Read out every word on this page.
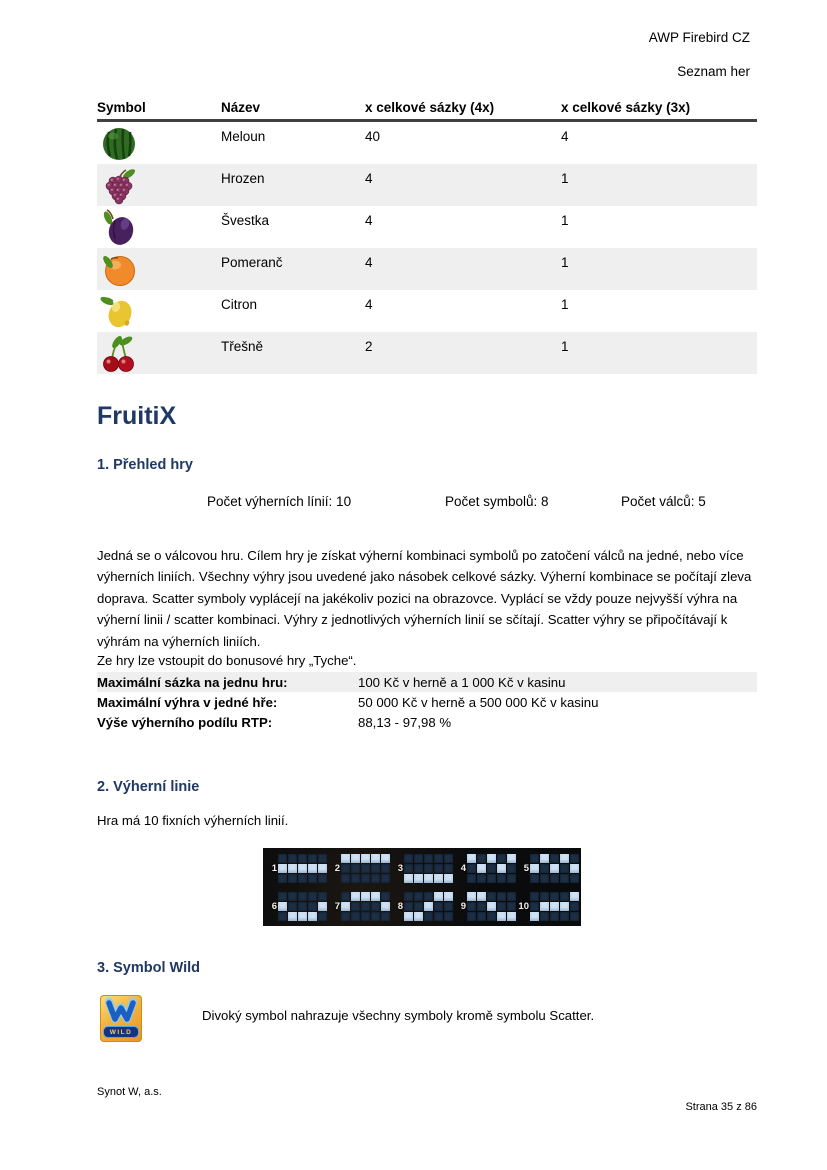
AWP Firebird CZ
Seznam her
Symbol	Název	x celkové sázky (4x)	x celkové sázky (3x)
Meloun	40	4
Hrozen	4	1
Švestka	4	1
Pomeranč	4	1
Citron	4	1
Třešně	2	1
FruitiX
1. Přehled hry
Počet výherních línií: 10	Počet symbolů: 8	Počet válců: 5
Jedná se o válcovou hru. Cílem hry je získat výherní kombinaci symbolů po zatočení válců na jedné, nebo více výherních liniích. Všechny výhry jsou uvedené jako násobek celkové sázky. Výherní kombinace se počítají zleva doprava. Scatter symboly vyplácejí na jakékoliv pozici na obrazovce. Vyplácí se vždy pouze nejvyšší výhra na výherní linii / scatter kombinaci. Výhry z jednotlivých výherních linií se sčítají. Scatter výhry se připočítávají k výhrám na výherních liniích.
Ze hry lze vstoupit do bonusové hry „Tyche“.
Maximální sázka na jednu hru:	100 Kč v herně a 1 000 Kč v kasinu
Maximální výhra v jedné hře:	50 000 Kč v herně a 500 000 Kč v kasinu
Výše výherního podílu RTP:	88,13 - 97,98 %
2. Výherní linie
Hra má 10 fixních výherních linií.
1	2	3	4	5
6	7	8	9	10
3. Symbol Wild
WILD
Divoký symbol nahrazuje všechny symboly kromě symbolu Scatter.
Synot W, a.s.
Strana 35 z 86
